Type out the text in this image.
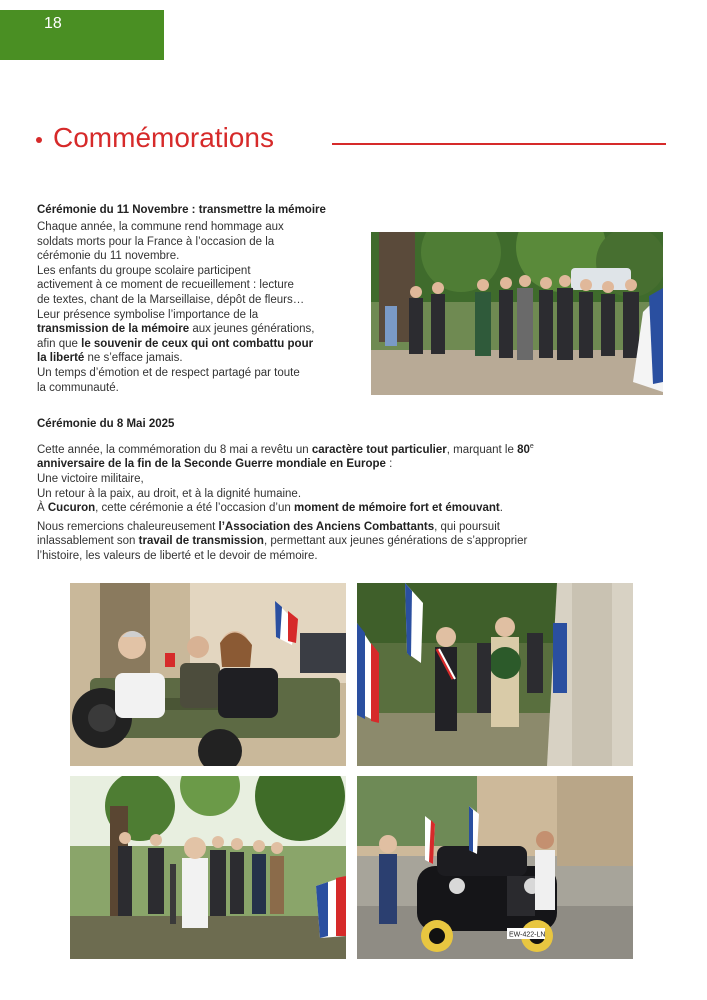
18
Commémorations
Cérémonie du 11 Novembre : transmettre la mémoire
Chaque année, la commune rend hommage aux
soldats morts pour la France à l’occasion de la
cérémonie du 11 novembre.
Les enfants du groupe scolaire participent
activement à ce moment de recueillement : lecture
de textes, chant de la Marseillaise, dépôt de fleurs…
Leur présence symbolise l’importance de la
transmission de la mémoire aux jeunes générations,
afin que le souvenir de ceux qui ont combattu pour
la liberté ne s’efface jamais.
Un temps d’émotion et de respect partagé par toute
la communauté.
Cérémonie du 8 Mai 2025
Cette année, la commémoration du 8 mai a revêtu un caractère tout particulier, marquant le 80e
anniversaire de la fin de la Seconde Guerre mondiale en Europe :
Une victoire militaire,
Un retour à la paix, au droit, et à la dignité humaine.
À Cucuron, cette cérémonie a été l’occasion d’un moment de mémoire fort et émouvant.
Nous remercions chaleureusement l’Association des Anciens Combattants, qui poursuit
inlassablement son travail de transmission, permettant aux jeunes générations de s’approprier
l’histoire, les valeurs de liberté et le devoir de mémoire.
EW-422-LN
